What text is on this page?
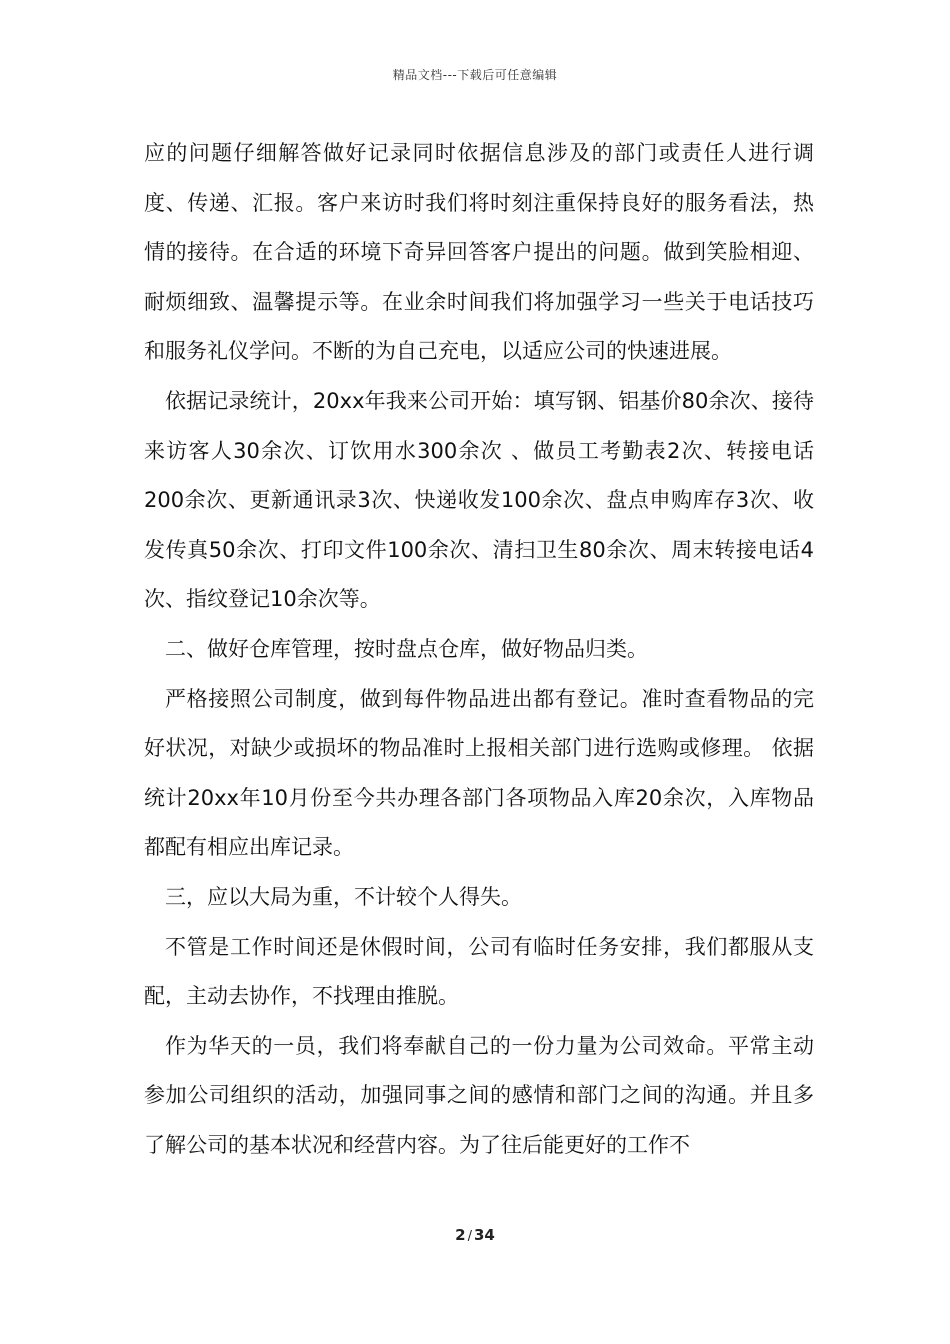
精品文档---下载后可任意编辑

应的问题仔细解答做好记录同时依据信息涉及的部门或责任人进行调度、传递、汇报。客户来访时我们将时刻注重保持良好的服务看法，热情的接待。在合适的环境下奇异回答客户提出的问题。做到笑脸相迎、耐烦细致、温馨提示等。在业余时间我们将加强学习一些关于电话技巧和服务礼仪学问。不断的为自己充电，以适应公司的快速进展。

依据记录统计，20xx年我来公司开始：填写钢、铝基价80余次、接待来访客人30余次、订饮用水300余次 、做员工考勤表2次、转接电话200余次、更新通讯录3次、快递收发100余次、盘点申购库存3次、收发传真50余次、打印文件100余次、清扫卫生80余次、周末转接电话4次、指纹登记10余次等。

二、做好仓库管理，按时盘点仓库，做好物品归类。

严格接照公司制度，做到每件物品进出都有登记。准时查看物品的完好状况，对缺少或损坏的物品准时上报相关部门进行选购或修理。 依据统计20xx年10月份至今共办理各部门各项物品入库20余次，入库物品都配有相应出库记录。

三，应以大局为重，不计较个人得失。

不管是工作时间还是休假时间，公司有临时任务安排，我们都服从支配，主动去协作，不找理由推脱。

作为华天的一员，我们将奉献自己的一份力量为公司效命。平常主动参加公司组织的活动，加强同事之间的感情和部门之间的沟通。并且多了解公司的基本状况和经营内容。为了往后能更好的工作不

2 / 34
